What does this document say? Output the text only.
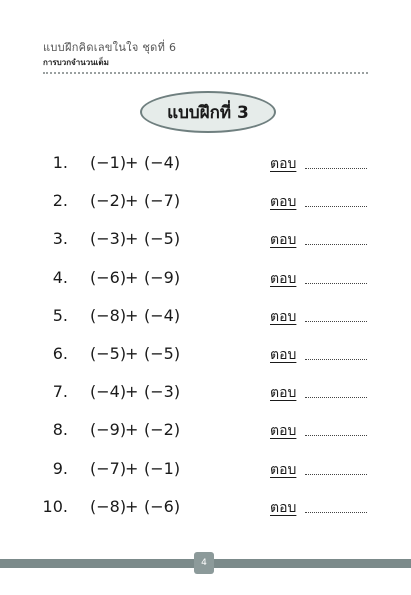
แบบฝึกคิดเลขในใจ ชุดที่ 6
การบวกจำนวนเต็ม
แบบฝึกที่ 3
1. (−1)
+ (−4)	ตอบ
2. (−2)
+ (−7)	ตอบ
3. (−3)
+ (−5)	ตอบ
4. (−6)
+ (−9)	ตอบ
5. (−8)
+ (−4)	ตอบ
6. (−5)
+ (−5)	ตอบ
7. (−4)
+ (−3)	ตอบ
8. (−9)
+ (−2)	ตอบ
9. (−7)
+ (−1)	ตอบ
10. (−8)
+ (−6)	ตอบ
4
